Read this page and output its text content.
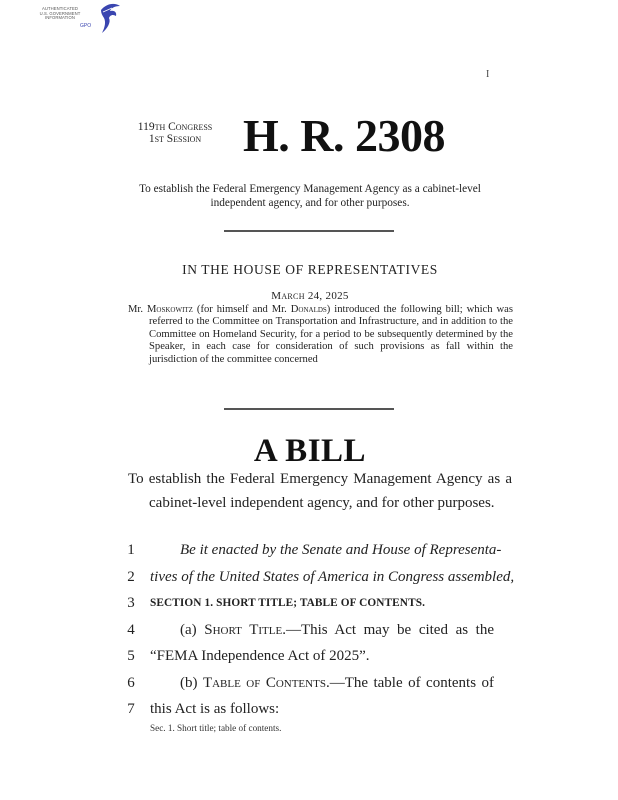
AUTHENTICATED
U.S. GOVERNMENT
INFORMATION
GPO
I
119th Congress
1st Session H. R. 2308
To establish the Federal Emergency Management Agency as a cabinet-level independent agency, and for other purposes.
IN THE HOUSE OF REPRESENTATIVES
March 24, 2025
Mr. Moskowitz (for himself and Mr. Donalds) introduced the following bill; which was referred to the Committee on Transportation and Infrastructure, and in addition to the Committee on Homeland Security, for a period to be subsequently determined by the Speaker, in each case for consideration of such provisions as fall within the jurisdiction of the committee concerned
A BILL
To establish the Federal Emergency Management Agency as a cabinet-level independent agency, and for other purposes.
1	Be it enacted by the Senate and House of Representa-
2 tives of the United States of America in Congress assembled,
3 SECTION 1. SHORT TITLE; TABLE OF CONTENTS.
4	(a) Short Title.—This Act may be cited as the
5 “FEMA Independence Act of 2025”.
6	(b) Table of Contents.—The table of contents of
7 this Act is as follows:
Sec. 1. Short title; table of contents.
